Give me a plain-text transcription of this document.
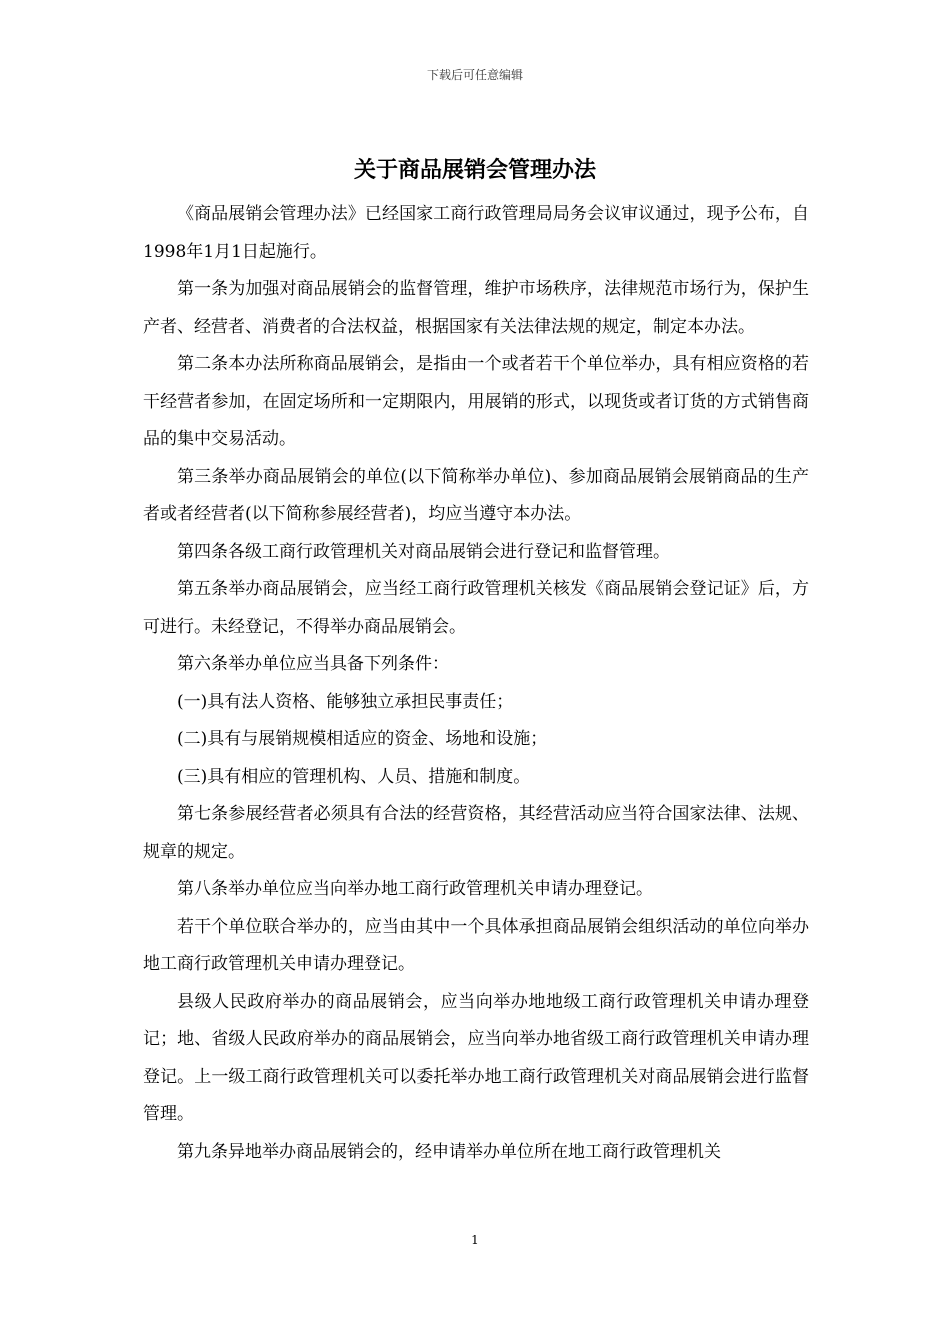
下载后可任意编辑
关于商品展销会管理办法

《商品展销会管理办法》已经国家工商行政管理局局务会议审议通过，现予公布，自1998年1月1日起施行。

第一条为加强对商品展销会的监督管理，维护市场秩序，法律规范市场行为，保护生产者、经营者、消费者的合法权益，根据国家有关法律法规的规定，制定本办法。

第二条本办法所称商品展销会，是指由一个或者若干个单位举办，具有相应资格的若干经营者参加，在固定场所和一定期限内，用展销的形式，以现货或者订货的方式销售商品的集中交易活动。

第三条举办商品展销会的单位(以下简称举办单位)、参加商品展销会展销商品的生产者或者经营者(以下简称参展经营者)，均应当遵守本办法。

第四条各级工商行政管理机关对商品展销会进行登记和监督管理。

第五条举办商品展销会，应当经工商行政管理机关核发《商品展销会登记证》后，方可进行。未经登记，不得举办商品展销会。

第六条举办单位应当具备下列条件：

(一)具有法人资格、能够独立承担民事责任；

(二)具有与展销规模相适应的资金、场地和设施；

(三)具有相应的管理机构、人员、措施和制度。

第七条参展经营者必须具有合法的经营资格，其经营活动应当符合国家法律、法规、规章的规定。

第八条举办单位应当向举办地工商行政管理机关申请办理登记。

若干个单位联合举办的，应当由其中一个具体承担商品展销会组织活动的单位向举办地工商行政管理机关申请办理登记。

县级人民政府举办的商品展销会，应当向举办地地级工商行政管理机关申请办理登记；地、省级人民政府举办的商品展销会，应当向举办地省级工商行政管理机关申请办理登记。上一级工商行政管理机关可以委托举办地工商行政管理机关对商品展销会进行监督管理。

第九条异地举办商品展销会的，经申请举办单位所在地工商行政管理机关

1
